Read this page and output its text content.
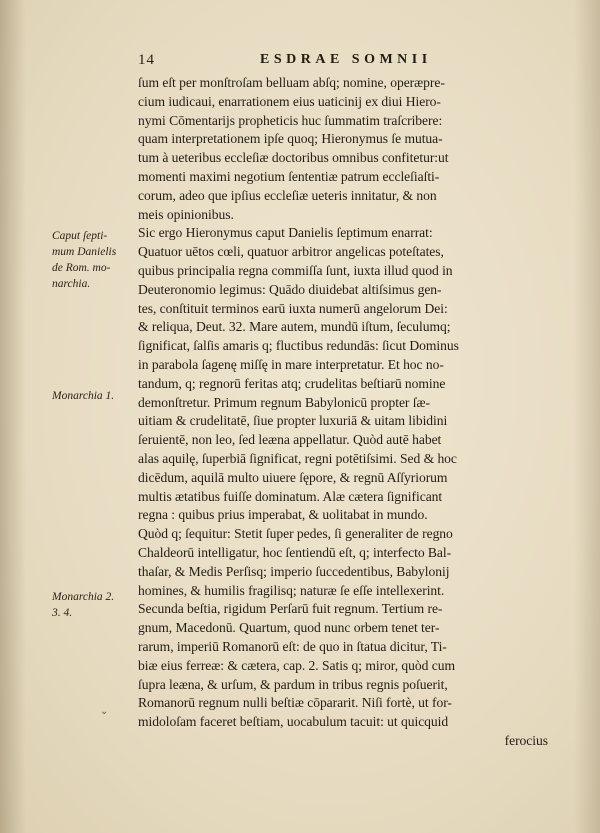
14	ESDRAE SOMNII
ſum eſt per monſtroſam belluam abſq; nomine, operæpre-
cium iudicaui, enarrationem eius uaticinij ex diui Hiero-
nymi Cōmentarijs propheticis huc ſummatim traſcribere:
quam interpretationem ipſe quoq; Hieronymus ſe mutua-
tum à ueteribus eccleſiæ doctoribus omnibus confitetur:ut
momenti maximi negotium ſententiæ patrum eccleſiaſti-
corum, adeo que ipſius eccleſiæ ueteris innitatur, & non
meis opinionibus.
Sic ergo Hieronymus caput Danielis ſeptimum enarrat:
Quatuor uētos cœli, quatuor arbitror angelicas poteſtates,
quibus principalia regna commiſſa ſunt, iuxta illud quod in
Deuteronomio legimus: Quādo diuidebat altiſsimus gen-
tes, conſtituit terminos earū iuxta numerū angelorum Dei:
& reliqua, Deut. 32. Mare autem, mundū iſtum, ſeculumq;
ſignificat, ſalſis amaris q; fluctibus redundās: ſicut Dominus
in parabola ſagenę miſſę in mare interpretatur. Et hoc no-
tandum, q; regnorū feritas atq; crudelitas beſtiarū nomine
demonſtretur. Primum regnum Babylonicū propter ſæ-
uitiam & crudelitatē, ſiue propter luxuriā & uitam libidini
ſeruientē, non leo, ſed leæna appellatur. Quòd autē habet
alas aquilę, ſuperbiā ſignificat, regni potētiſsimi. Sed & hoc
dicēdum, aquilā multo uiuere ſępore, & regnū Aſſyriorum
multis ætatibus fuiſſe dominatum. Alæ cætera ſignificant
regna : quibus prius imperabat, & uolitabat in mundo.
Quòd q; ſequitur: Stetit ſuper pedes, ſi generaliter de regno
Chaldeorū intelligatur, hoc ſentiendū eſt, q; interfecto Bal-
thaſar, & Medis Perſisq; imperio ſuccedentibus, Babylonij
homines, & humilis fragilisq; naturæ ſe eſſe intellexerint.
Secunda beſtia, rigidum Perſarū fuit regnum. Tertium re-
gnum, Macedonū. Quartum, quod nunc orbem tenet ter-
rarum, imperiū Romanorū eſt: de quo in ſtatua dicitur, Ti-
biæ eius ferreæ: & cætera, cap. 2. Satis q; miror, quòd cum
ſupra leæna, & urſum, & pardum in tribus regnis poſuerit,
Romanorū regnum nulli beſtiæ cōpararit. Niſi fortè, ut for-
midoloſam faceret beſtiam, uocabulum tacuit: ut quicquid
ferocius
Caput ſepti-
mum Danielis
de Rom. mo-
narchia.
Monarchia 1.
Monarchia 2.
3. 4.
⌄
